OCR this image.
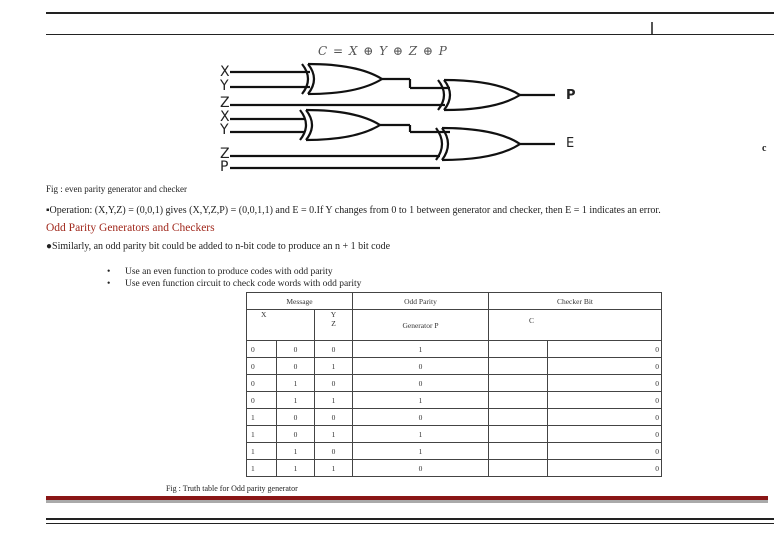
C = X ⊕ Y ⊕ Z ⊕ P
X
Y
Z
X
Y
Z
P
P
E	c
Fig : even parity generator and checker
▪Operation: (X,Y,Z) = (0,0,1) gives (X,Y,Z,P) = (0,0,1,1) and E = 0.If Y changes from 0 to 1 between generator and checker, then E = 1 indicates an error.
Odd Parity Generators and Checkers
●Similarly, an odd parity bit could be added to n-bit code to produce an n + 1 bit code
• Use an even function to produce codes with odd parity
• Use even function circuit to check code words with odd parity
Message			Odd Parity	Checker Bit	
X		Y
Z	Generator P	C	
0	0	0	1		0
0	0	1	0		0
0	1	0	0		0
0	1	1	1		0
1	0	0	0		0
1	0	1	1		0
1	1	0	1		0
1	1	1	0		0
Fig : Truth table for Odd parity generator
